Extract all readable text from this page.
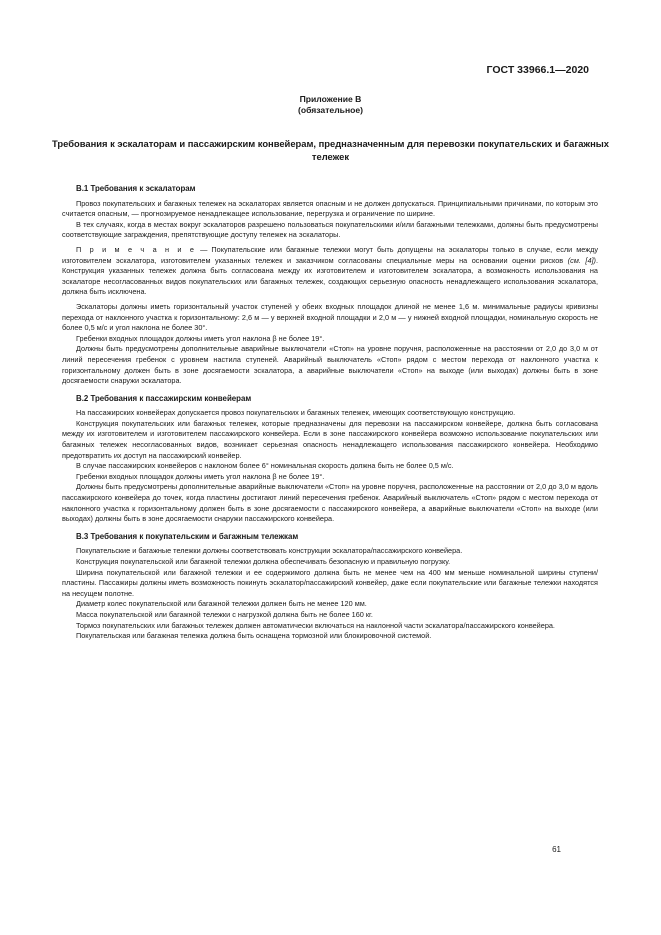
ГОСТ 33966.1—2020
Приложение В
(обязательное)
Требования к эскалаторам и пассажирским конвейерам, предназначенным для перевозки покупательских и багажных тележек
В.1 Требования к эскалаторам

Провоз покупательских и багажных тележек на эскалаторах является опасным и не должен допускаться. Принципиальными причинами, по которым это считается опасным, — прогнозируемое ненадлежащее использование, перегрузка и ограничение по ширине.

В тех случаях, когда в местах вокруг эскалаторов разрешено пользоваться покупательскими и/или багажными тележками, должны быть предусмотрены соответствующие заграждения, препятствующие доступу тележек на эскалаторы.

П р и м е ч а н и е — Покупательские или багажные тележки могут быть допущены на эскалаторы только в случае, если между изготовителем эскалатора, изготовителем указанных тележек и заказчиком согласованы специальные меры на основании оценки рисков (см. [4]). Конструкция указанных тележек должна быть согласована между их изготовителем и изготовителем эскалатора, а возможность использования на эскалаторе несогласованных видов покупательских или багажных тележек, создающих серьезную опасность ненадлежащего использования эскалатора, должна быть исключена.

Эскалаторы должны иметь горизонтальный участок ступеней у обеих входных площадок длиной не менее 1,6 м. минимальные радиусы кривизны перехода от наклонного участка к горизонтальному: 2,6 м — у верхней входной площадки и 2,0 м — у нижней входной площадки, номинальную скорость не более 0,5 м/с и угол наклона не более 30°.

Гребенки входных площадок должны иметь угол наклона β не более 19°.

Должны быть предусмотрены дополнительные аварийные выключатели «Стоп» на уровне поручня, расположенные на расстоянии от 2,0 до 3,0 м от линий пересечения гребенок с уровнем настила ступеней. Аварийный выключатель «Стоп» рядом с местом перехода от наклонного участка к горизонтальному должен быть в зоне досягаемости эскалатора, а аварийные выключатели «Стоп» на выходе (или выходах) должны быть в зоне досягаемости снаружи эскалатора.

В.2 Требования к пассажирским конвейерам

На пассажирских конвейерах допускается провоз покупательских и багажных тележек, имеющих соответствующую конструкцию.

Конструкция покупательских или багажных тележек, которые предназначены для перевозки на пассажирском конвейере, должна быть согласована между их изготовителем и изготовителем пассажирского конвейера. Если в зоне пассажирского конвейера возможно использование покупательских или багажных тележек несогласованных видов, возникает серьезная опасность ненадлежащего использования пассажирского конвейера. Необходимо предотвратить их доступ на пассажирский конвейер.

В случае пассажирских конвейеров с наклоном более 6° номинальная скорость должна быть не более 0,5 м/с.

Гребенки входных площадок должны иметь угол наклона β не более 19°.

Должны быть предусмотрены дополнительные аварийные выключатели «Стоп» на уровне поручня, расположенные на расстоянии от 2,0 до 3,0 м вдоль пассажирского конвейера до точек, когда пластины достигают линий пересечения гребенок. Аварийный выключатель «Стоп» рядом с местом перехода от наклонного участка к горизонтальному должен быть в зоне досягаемости с пассажирского конвейера, а аварийные выключатели «Стоп» на выходе (или выходах) должны быть в зоне досягаемости снаружи пассажирского конвейера.

В.3 Требования к покупательским и багажным тележкам

Покупательские и багажные тележки должны соответствовать конструкции эскалатора/пассажирского конвейера.

Конструкция покупательской или багажной тележки должна обеспечивать безопасную и правильную погрузку.

Ширина покупательской или багажной тележки и ее содержимого должна быть не менее чем на 400 мм меньше номинальной ширины ступени/пластины. Пассажиры должны иметь возможность покинуть эскалатор/пассажирский конвейер, даже если покупательские или багажные тележки находятся на несущем полотне.

Диаметр колес покупательской или багажной тележки должен быть не менее 120 мм.

Масса покупательской или багажной тележки с нагрузкой должна быть не более 160 кг.

Тормоз покупательских или багажных тележек должен автоматически включаться на наклонной части эскалатора/пассажирского конвейера.

Покупательская или багажная тележка должна быть оснащена тормозной или блокировочной системой.

61
